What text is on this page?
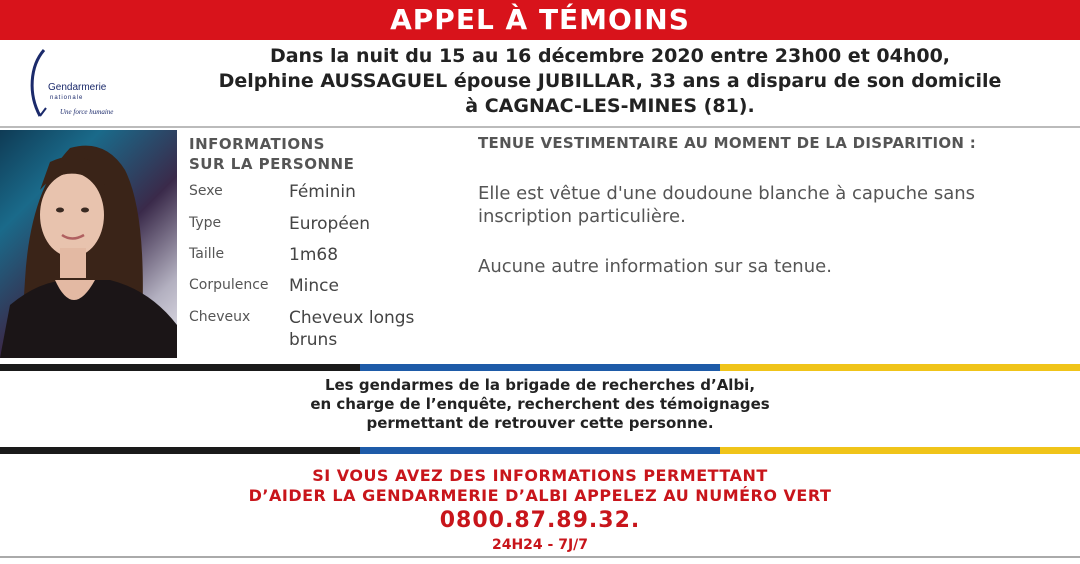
APPEL À TÉMOINS
Gendarmerie
nationale
Une force humaine
Dans la nuit du 15 au 16 décembre 2020 entre 23h00 et 04h00,
Delphine AUSSAGUEL épouse JUBILLAR, 33 ans a disparu de son domicile
à CAGNAC-LES-MINES (81).
INFORMATIONS
SUR LA PERSONNE
Sexe	Féminin
Type	Européen
Taille	1m68
Corpulence Mince
Cheveux Cheveux longs bruns
TENUE VESTIMENTAIRE AU MOMENT DE LA DISPARITION :
Elle est vêtue d'une doudoune blanche à capuche sans inscription particulière.
Aucune autre information sur sa tenue.
Les gendarmes de la brigade de recherches d’Albi,
en charge de l’enquête, recherchent des témoignages
permettant de retrouver cette personne.
SI VOUS AVEZ DES INFORMATIONS PERMETTANT
D’AIDER LA GENDARMERIE D’ALBI APPELEZ AU NUMÉRO VERT
0800.87.89.32.
24H24 - 7J/7
